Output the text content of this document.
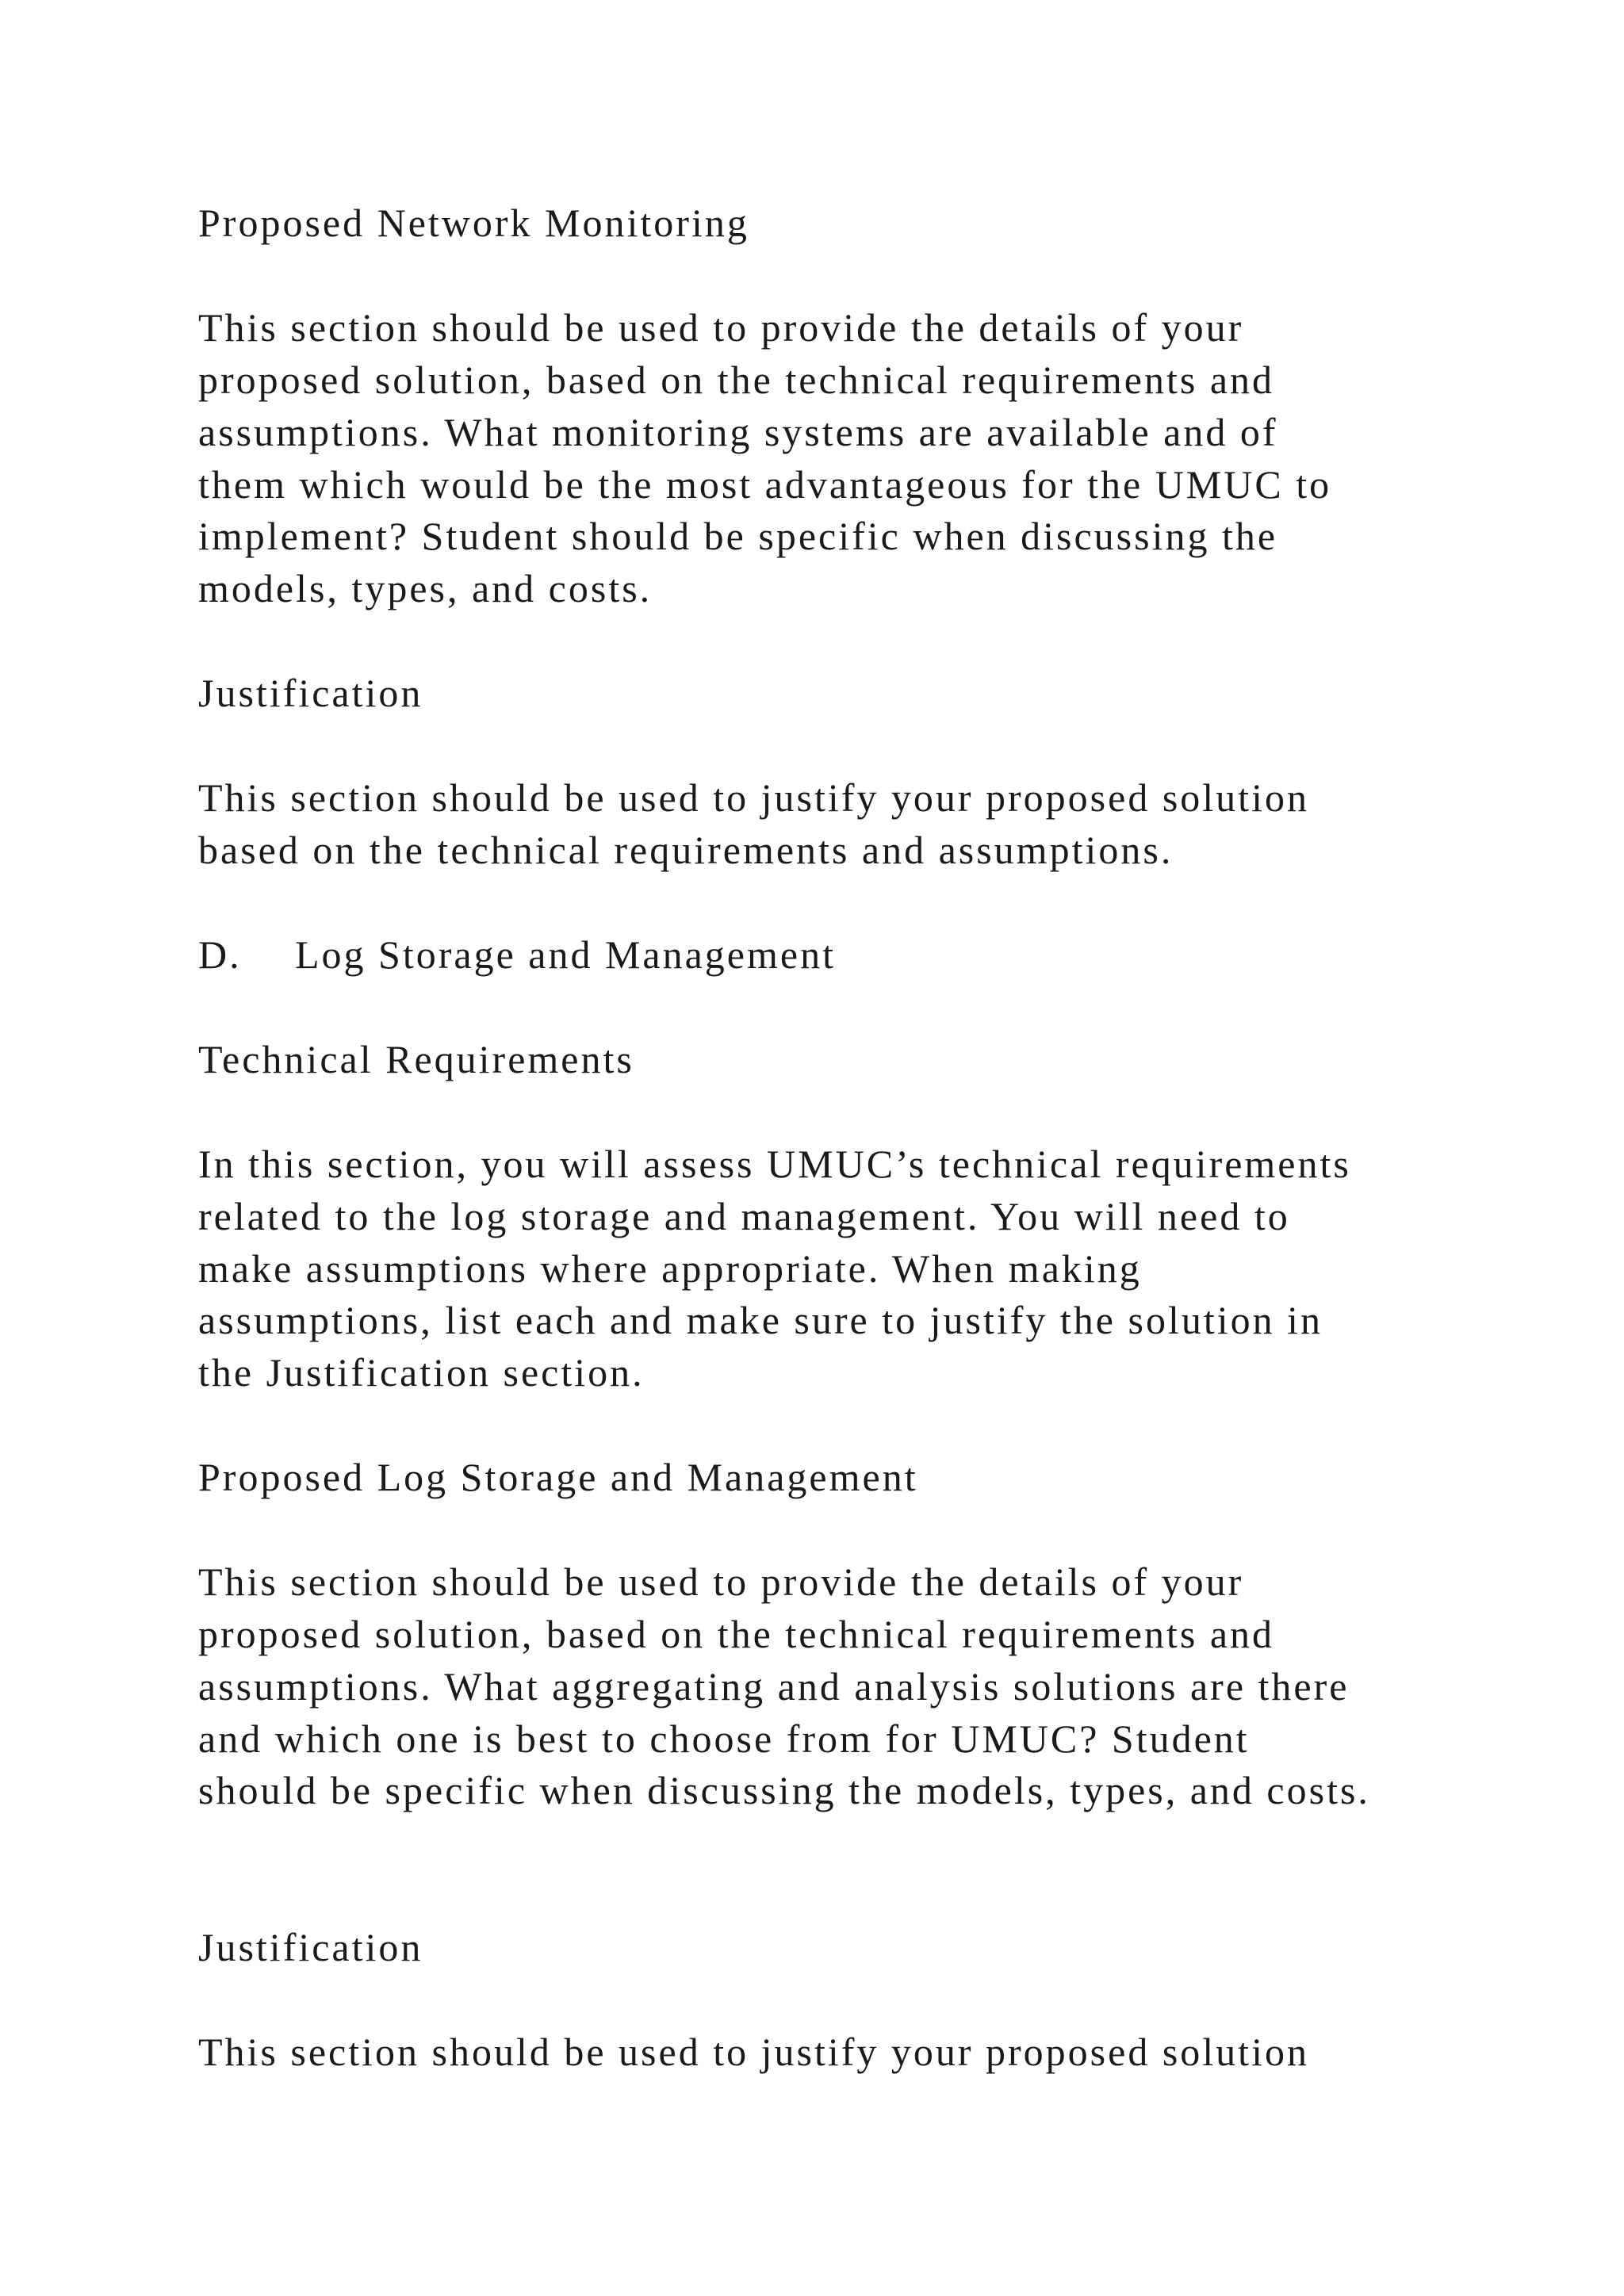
Proposed Network Monitoring

This section should be used to provide the details of your

proposed solution, based on the technical requirements and

assumptions. What monitoring systems are available and of

them which would be the most advantageous for the UMUC to

implement? Student should be specific when discussing the

models, types, and costs.

Justification

This section should be used to justify your proposed solution

based on the technical requirements and assumptions.

D. Log Storage and Management

Technical Requirements

In this section, you will assess UMUC’s technical requirements

related to the log storage and management. You will need to

make assumptions where appropriate. When making

assumptions, list each and make sure to justify the solution in

the Justification section.

Proposed Log Storage and Management

This section should be used to provide the details of your

proposed solution, based on the technical requirements and

assumptions. What aggregating and analysis solutions are there

and which one is best to choose from for UMUC? Student

should be specific when discussing the models, types, and costs.

Justification

This section should be used to justify your proposed solution
